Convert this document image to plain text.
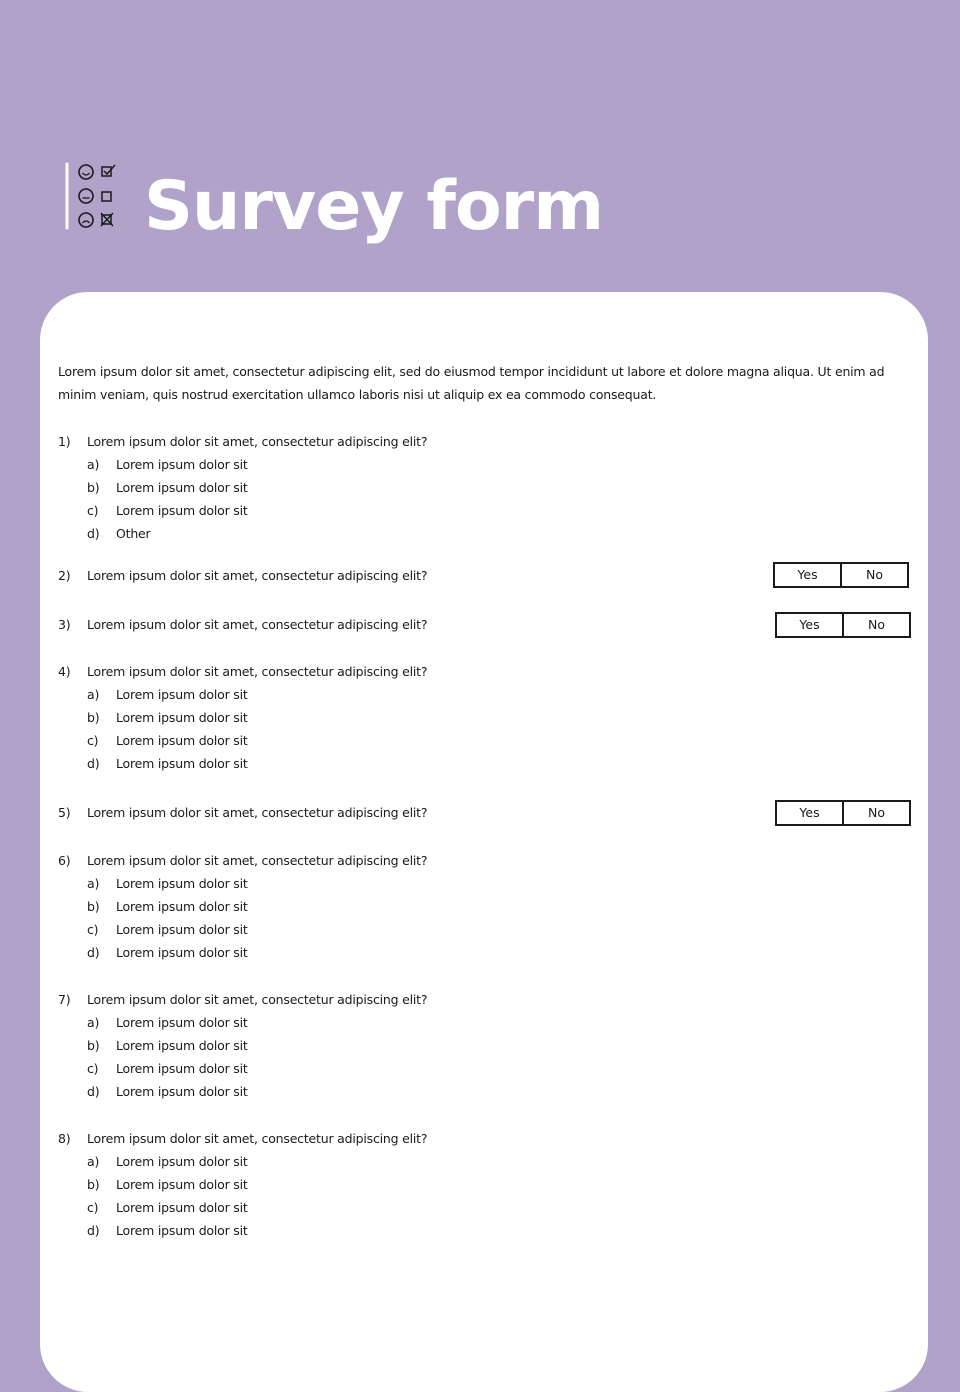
Survey form
Lorem ipsum dolor sit amet, consectetur adipiscing elit, sed do eiusmod tempor incididunt ut labore et dolore magna aliqua. Ut enim ad minim veniam, quis nostrud exercitation ullamco laboris nisi ut aliquip ex ea commodo consequat.
1) Lorem ipsum dolor sit amet, consectetur adipiscing elit?
a) Lorem ipsum dolor sit
b) Lorem ipsum dolor sit
c) Lorem ipsum dolor sit
d) Other
2) Lorem ipsum dolor sit amet, consectetur adipiscing elit?	Yes	No
3) Lorem ipsum dolor sit amet, consectetur adipiscing elit?	Yes	No
4) Lorem ipsum dolor sit amet, consectetur adipiscing elit?
a) Lorem ipsum dolor sit
b) Lorem ipsum dolor sit
c) Lorem ipsum dolor sit
d) Lorem ipsum dolor sit
5) Lorem ipsum dolor sit amet, consectetur adipiscing elit?	Yes	No
6) Lorem ipsum dolor sit amet, consectetur adipiscing elit?
a) Lorem ipsum dolor sit
b) Lorem ipsum dolor sit
c) Lorem ipsum dolor sit
d) Lorem ipsum dolor sit
7) Lorem ipsum dolor sit amet, consectetur adipiscing elit?
a) Lorem ipsum dolor sit
b) Lorem ipsum dolor sit
c) Lorem ipsum dolor sit
d) Lorem ipsum dolor sit
8) Lorem ipsum dolor sit amet, consectetur adipiscing elit?
a) Lorem ipsum dolor sit
b) Lorem ipsum dolor sit
c) Lorem ipsum dolor sit
d) Lorem ipsum dolor sit
